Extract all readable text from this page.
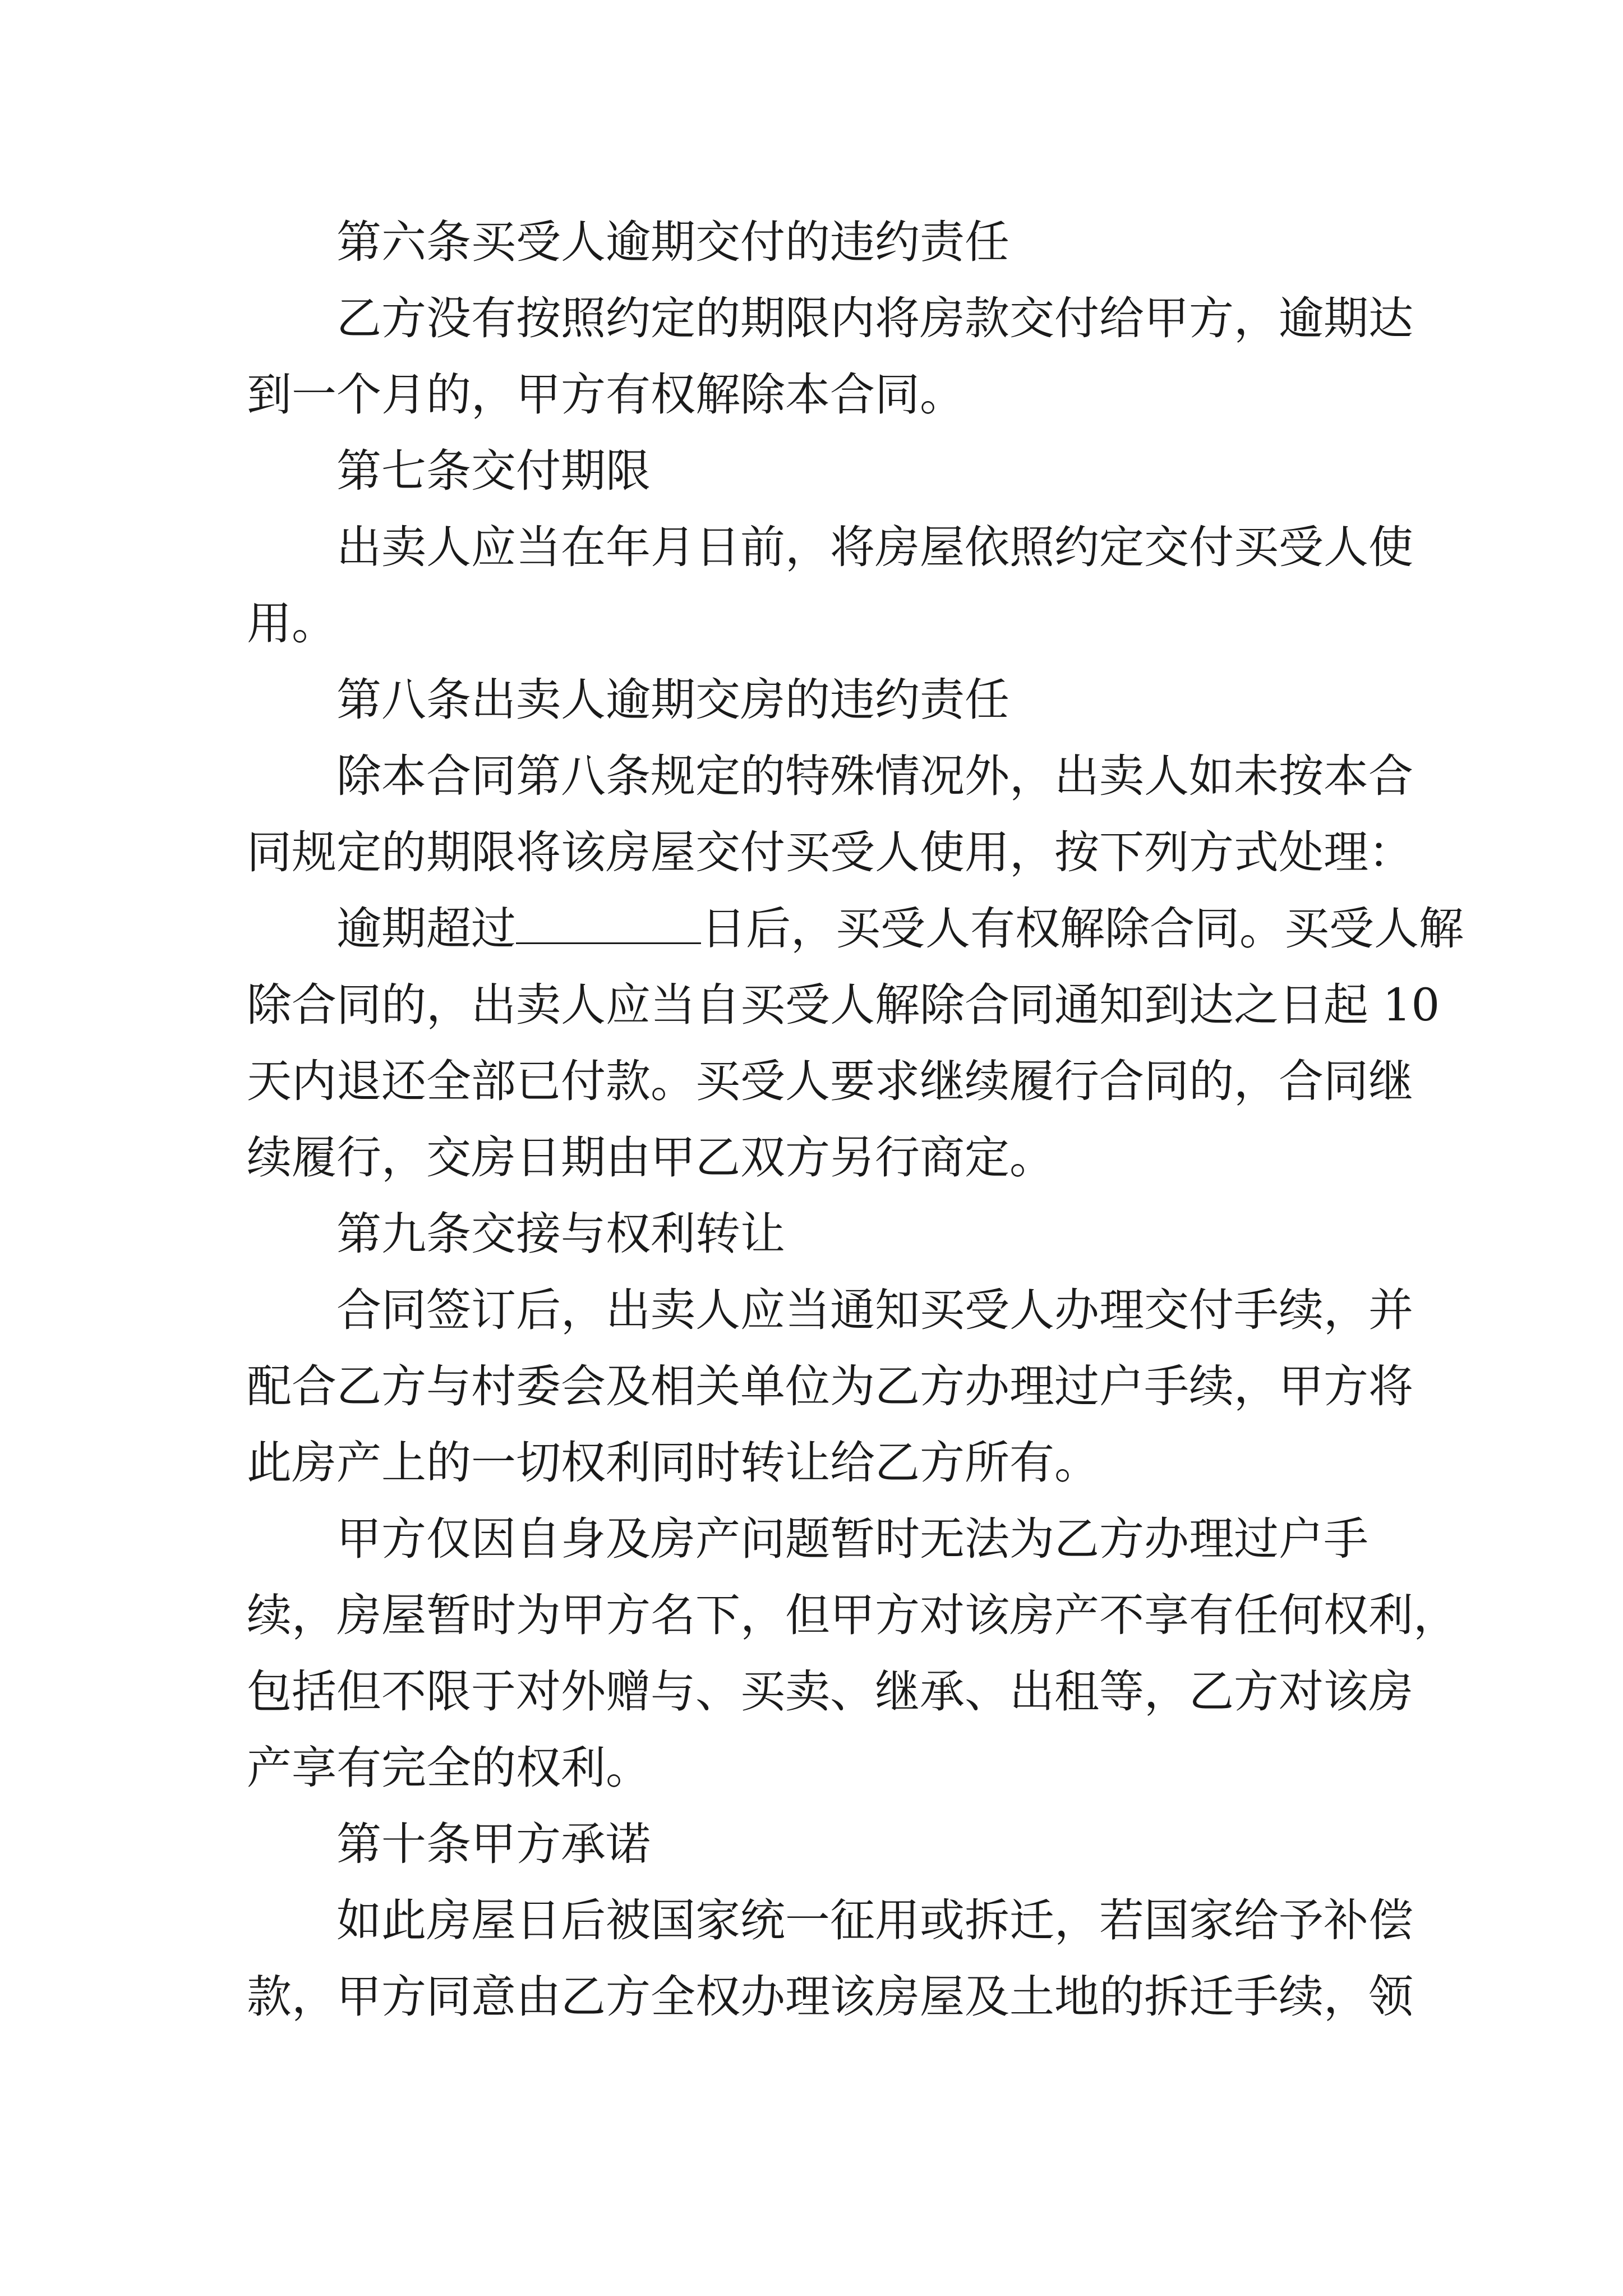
第六条买受人逾期交付的违约责任
乙方没有按照约定的期限内将房款交付给甲方，逾期达
到一个月的，甲方有权解除本合同。
第七条交付期限
出卖人应当在年月日前，将房屋依照约定交付买受人使
用。
第八条出卖人逾期交房的违约责任
除本合同第八条规定的特殊情况外，出卖人如未按本合
同规定的期限将该房屋交付买受人使用，按下列方式处理：
逾期超过	日后，买受人有权解除合同。买受人解
除合同的，出卖人应当自买受人解除合同通知到达之日起 10
天内退还全部已付款。买受人要求继续履行合同的，合同继
续履行，交房日期由甲乙双方另行商定。
第九条交接与权利转让
合同签订后，出卖人应当通知买受人办理交付手续，并
配合乙方与村委会及相关单位为乙方办理过户手续，甲方将
此房产上的一切权利同时转让给乙方所有。
甲方仅因自身及房产问题暂时无法为乙方办理过户手
续，房屋暂时为甲方名下，但甲方对该房产不享有任何权利，
包括但不限于对外赠与、买卖、继承、出租等，乙方对该房
产享有完全的权利。
第十条甲方承诺
如此房屋日后被国家统一征用或拆迁，若国家给予补偿
款，甲方同意由乙方全权办理该房屋及土地的拆迁手续，领
